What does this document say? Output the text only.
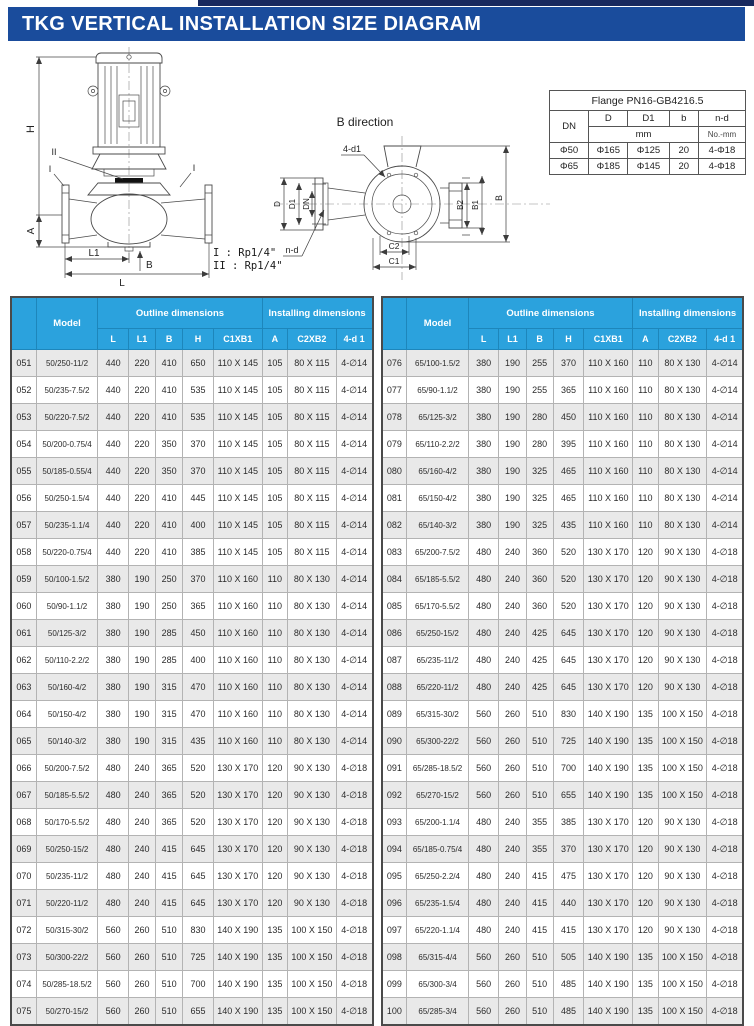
TKG VERTICAL INSTALLATION SIZE DIAGRAM
H
A
L1
L
B
II
I	I
B direction
D D1 DN	B2 B1
B
C2
C1
4-d1
n-d
I : Rp1/4"
II : Rp1/4"
Flange PN16-GB4216.5				
DN	D	D1	b	n-d
	mm			No.-mm
Φ50	Φ165	Φ125	20	4-Φ18
Φ65	Φ185	Φ145	20	4-Φ18
	Model	Outline dimensions					Installing dimensions		
		L	L1	B	H	C1XB1	A	C2XB2	4-d 1
051	50/250-11/2	440	220	410	650	110 X 145	105	80 X 115	4-∅14
052	50/235-7.5/2	440	220	410	535	110 X 145	105	80 X 115	4-∅14
053	50/220-7.5/2	440	220	410	535	110 X 145	105	80 X 115	4-∅14
054	50/200-0.75/4	440	220	350	370	110 X 145	105	80 X 115	4-∅14
055	50/185-0.55/4	440	220	350	370	110 X 145	105	80 X 115	4-∅14
056	50/250-1.5/4	440	220	410	445	110 X 145	105	80 X 115	4-∅14
057	50/235-1.1/4	440	220	410	400	110 X 145	105	80 X 115	4-∅14
058	50/220-0.75/4	440	220	410	385	110 X 145	105	80 X 115	4-∅14
059	50/100-1.5/2	380	190	250	370	110 X 160	110	80 X 130	4-∅14
060	50/90-1.1/2	380	190	250	365	110 X 160	110	80 X 130	4-∅14
061	50/125-3/2	380	190	285	450	110 X 160	110	80 X 130	4-∅14
062	50/110-2.2/2	380	190	285	400	110 X 160	110	80 X 130	4-∅14
063	50/160-4/2	380	190	315	470	110 X 160	110	80 X 130	4-∅14
064	50/150-4/2	380	190	315	470	110 X 160	110	80 X 130	4-∅14
065	50/140-3/2	380	190	315	435	110 X 160	110	80 X 130	4-∅14
066	50/200-7.5/2	480	240	365	520	130 X 170	120	90 X 130	4-∅18
067	50/185-5.5/2	480	240	365	520	130 X 170	120	90 X 130	4-∅18
068	50/170-5.5/2	480	240	365	520	130 X 170	120	90 X 130	4-∅18
069	50/250-15/2	480	240	415	645	130 X 170	120	90 X 130	4-∅18
070	50/235-11/2	480	240	415	645	130 X 170	120	90 X 130	4-∅18
071	50/220-11/2	480	240	415	645	130 X 170	120	90 X 130	4-∅18
072	50/315-30/2	560	260	510	830	140 X 190	135	100 X 150	4-∅18
073	50/300-22/2	560	260	510	725	140 X 190	135	100 X 150	4-∅18
074	50/285-18.5/2	560	260	510	700	140 X 190	135	100 X 150	4-∅18
075	50/270-15/2	560	260	510	655	140 X 190	135	100 X 150	4-∅18
	Model	Outline dimensions					Installing dimensions		
		L	L1	B	H	C1XB1	A	C2XB2	4-d 1
076	65/100-1.5/2	380	190	255	370	110 X 160	110	80 X 130	4-∅14
077	65/90-1.1/2	380	190	255	365	110 X 160	110	80 X 130	4-∅14
078	65/125-3/2	380	190	280	450	110 X 160	110	80 X 130	4-∅14
079	65/110-2.2/2	380	190	280	395	110 X 160	110	80 X 130	4-∅14
080	65/160-4/2	380	190	325	465	110 X 160	110	80 X 130	4-∅14
081	65/150-4/2	380	190	325	465	110 X 160	110	80 X 130	4-∅14
082	65/140-3/2	380	190	325	435	110 X 160	110	80 X 130	4-∅14
083	65/200-7.5/2	480	240	360	520	130 X 170	120	90 X 130	4-∅18
084	65/185-5.5/2	480	240	360	520	130 X 170	120	90 X 130	4-∅18
085	65/170-5.5/2	480	240	360	520	130 X 170	120	90 X 130	4-∅18
086	65/250-15/2	480	240	425	645	130 X 170	120	90 X 130	4-∅18
087	65/235-11/2	480	240	425	645	130 X 170	120	90 X 130	4-∅18
088	65/220-11/2	480	240	425	645	130 X 170	120	90 X 130	4-∅18
089	65/315-30/2	560	260	510	830	140 X 190	135	100 X 150	4-∅18
090	65/300-22/2	560	260	510	725	140 X 190	135	100 X 150	4-∅18
091	65/285-18.5/2	560	260	510	700	140 X 190	135	100 X 150	4-∅18
092	65/270-15/2	560	260	510	655	140 X 190	135	100 X 150	4-∅18
093	65/200-1.1/4	480	240	355	385	130 X 170	120	90 X 130	4-∅18
094	65/185-0.75/4	480	240	355	370	130 X 170	120	90 X 130	4-∅18
095	65/250-2.2/4	480	240	415	475	130 X 170	120	90 X 130	4-∅18
096	65/235-1.5/4	480	240	415	440	130 X 170	120	90 X 130	4-∅18
097	65/220-1.1/4	480	240	415	415	130 X 170	120	90 X 130	4-∅18
098	65/315-4/4	560	260	510	505	140 X 190	135	100 X 150	4-∅18
099	65/300-3/4	560	260	510	485	140 X 190	135	100 X 150	4-∅18
100	65/285-3/4	560	260	510	485	140 X 190	135	100 X 150	4-∅18
